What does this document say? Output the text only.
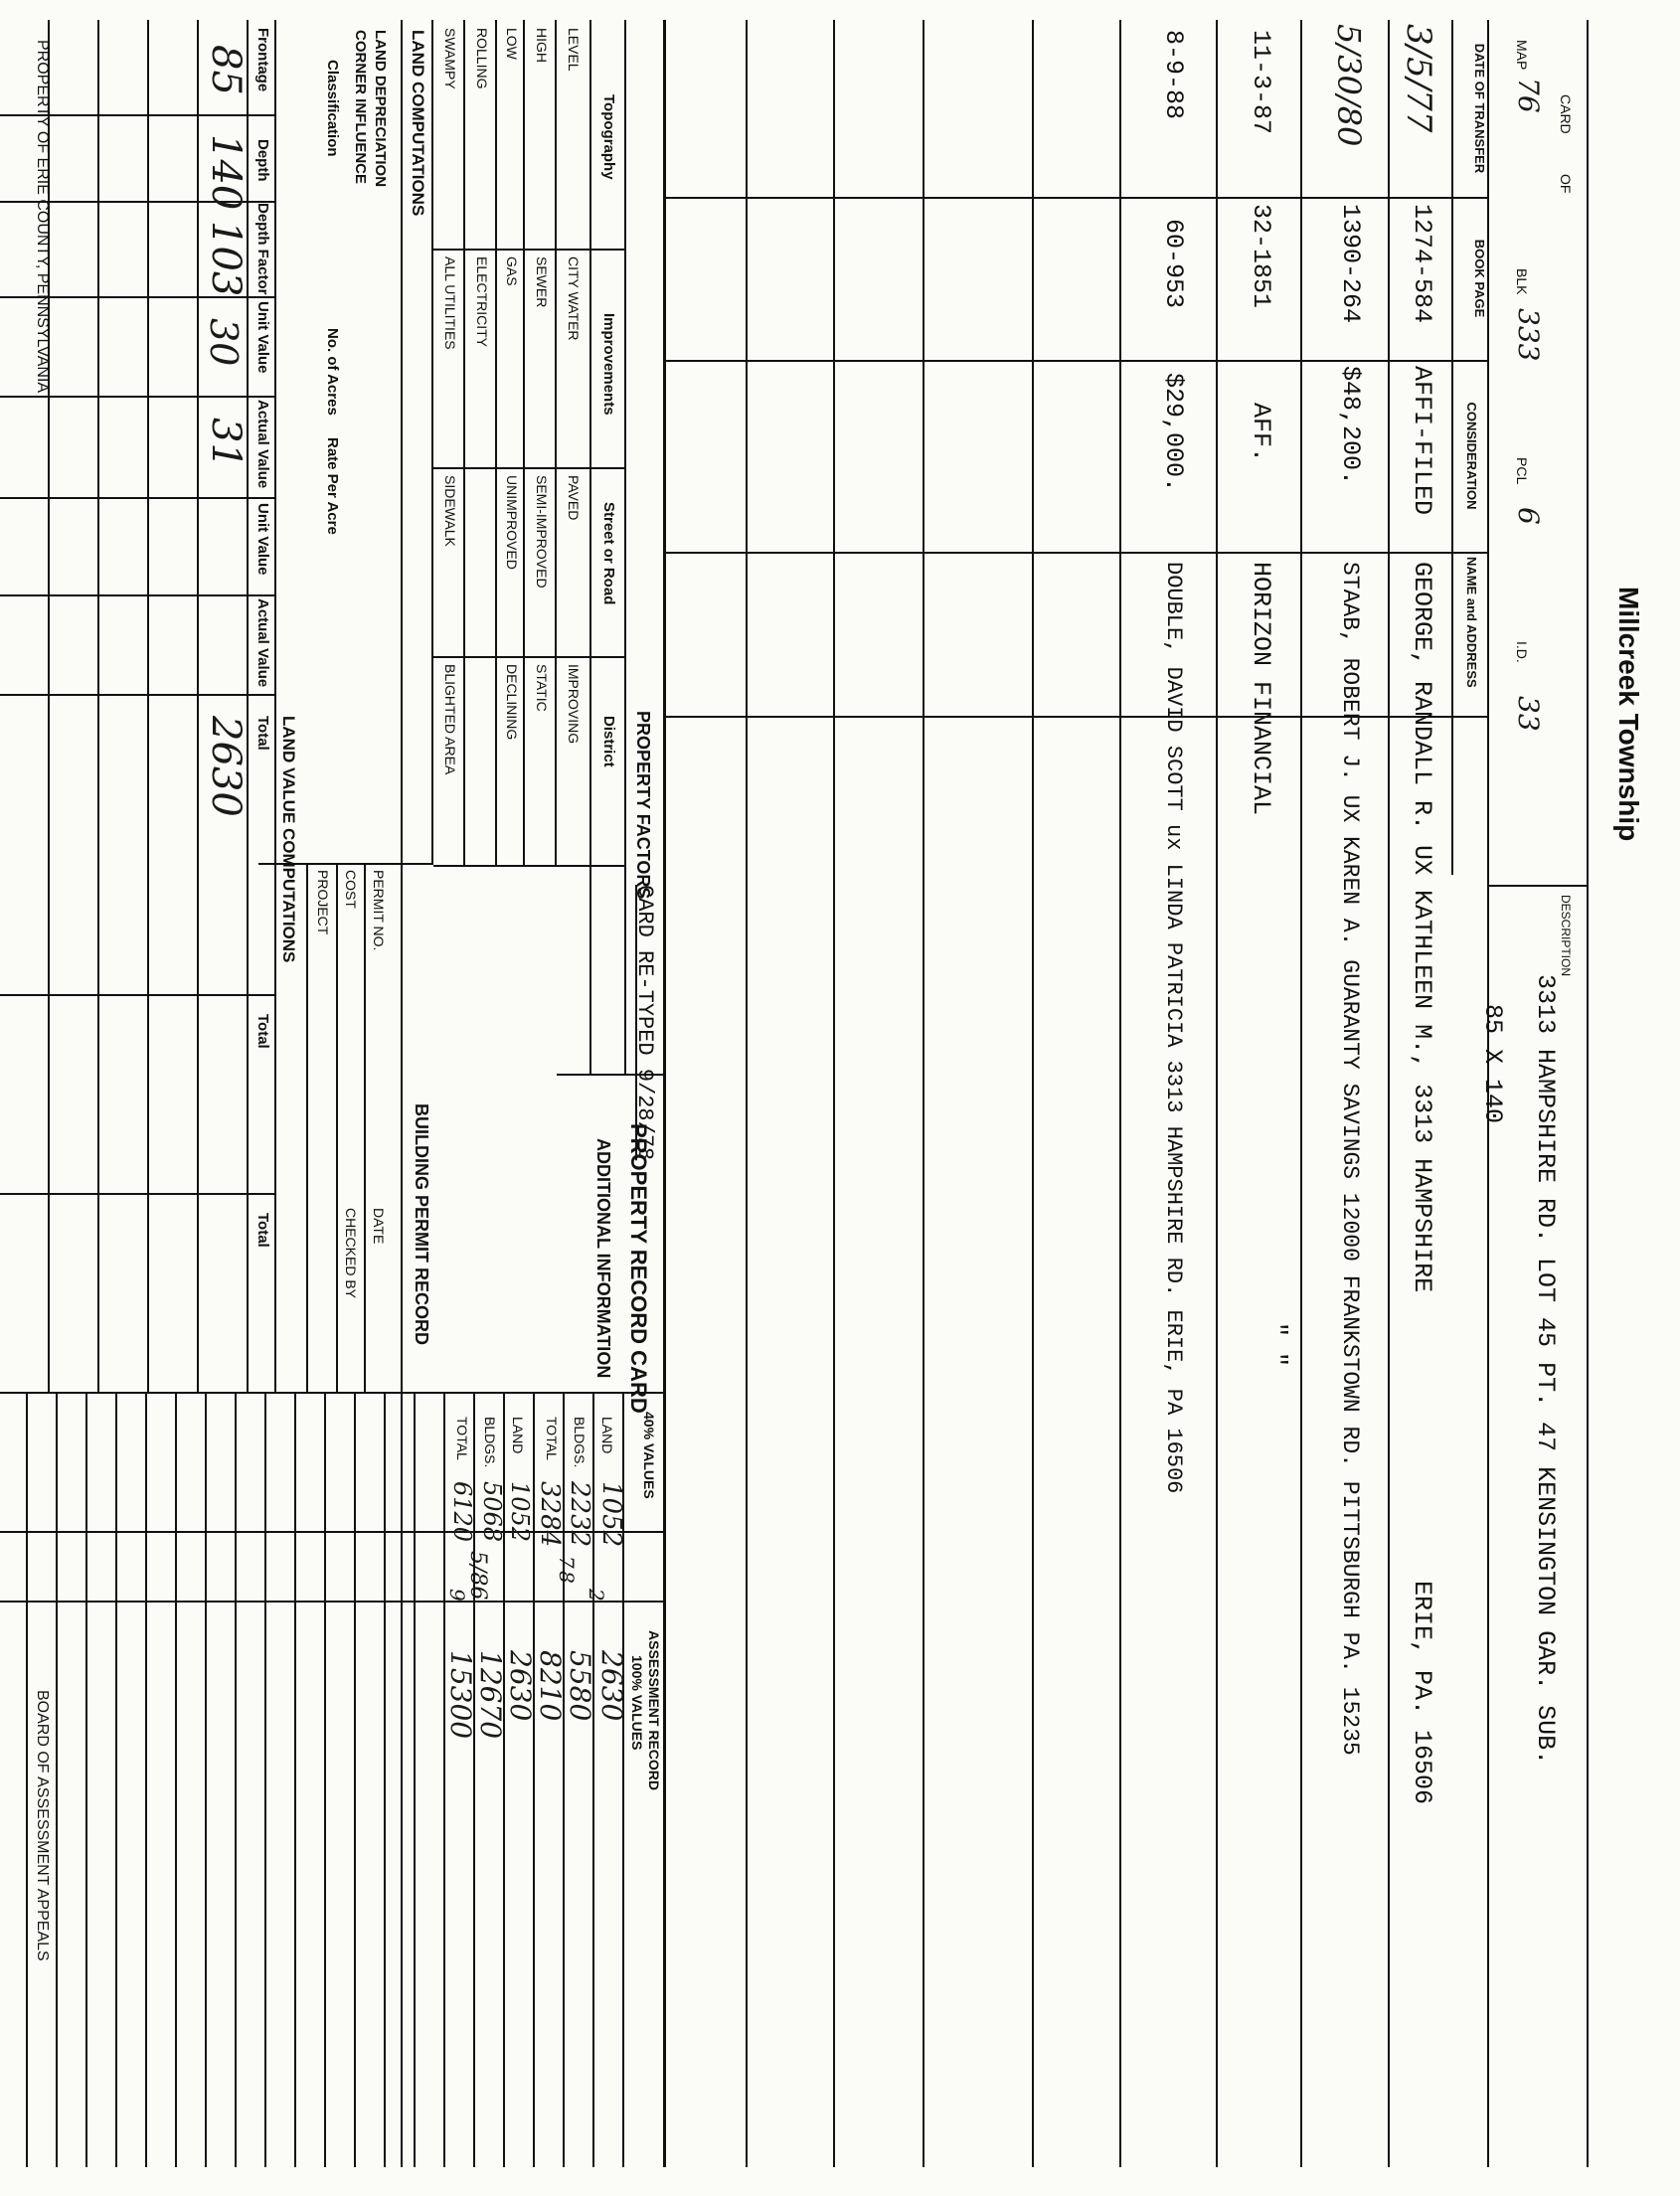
CARD
OF
MAP
76
BLK
333
PCL
6
I.D.
33 Millcreek Township
DESCRIPTION
3313 HAMPSHIRE RD. LOT 45 PT. 47 KENSINGTON GAR. SUB.
85 X 140
DATE OF TRANSFER
BOOK PAGE
CONSIDERATION
NAME and ADDRESS
3/5/77
1274-584
AFFI-FILED
GEORGE, RANDALL R. UX KATHLEEN M., 3313 HAMPSHIRE
ERIE, PA. 16506
5/30/80
1390-264
$48,200.
STAAB, ROBERT J. UX KAREN A. GUARANTY SAVINGS 12000 FRANKSTOWN RD. PITTSBURGH PA. 15235
11-3-87
32-1851
AFF.
HORIZON FINANCIAL
" "
8-9-88
60-953
$29,000.
DOUBLE, DAVID SCOTT ux LINDA PATRICIA 3313 HAMPSHIRE RD. ERIE, PA 16506
PROPERTY FACTORS
CARD RE-TYPED 9/28/78
Topography
Improvements
Street or Road
District
LEVEL
HIGH
LOW
ROLLING
SWAMPY
CITY WATER
SEWER
GAS
ELECTRICITY
ALL UTILITIES
PAVED
SEMI-IMPROVED
UNIMPROVED
SIDEWALK
IMPROVING
STATIC
DECLINING
BLIGHTED AREA
PROPERTY RECORD CARD
ADDITIONAL INFORMATION
LAND COMPUTATIONS
BUILDING PERMIT RECORD
PERMIT NO.
DATE
COST
CHECKED BY
PROJECT
LAND VALUE COMPUTATIONS
Frontage
Depth
Depth Factor
Unit Value
Actual Value
Unit Value
Actual Value
Total
Total
Total
85
140
103
30
31
2630
40% VALUES
ASSESSMENT RECORD
100% VALUES
LAND
BLDGS.
TOTAL
LAND
BLDGS.
TOTAL
1052
2232
3284
1052
5068
6120
5/86	7
8
2
9
2630
5580
8210
2630
12670
15300
LAND DEPRECIATION
CORNER INFLUENCE
Classification
No. of Acres
Rate Per Acre
PROPERTY OF ERIE COUNTY, PENNSYLVANIA
BOARD OF ASSESSMENT APPEALS
